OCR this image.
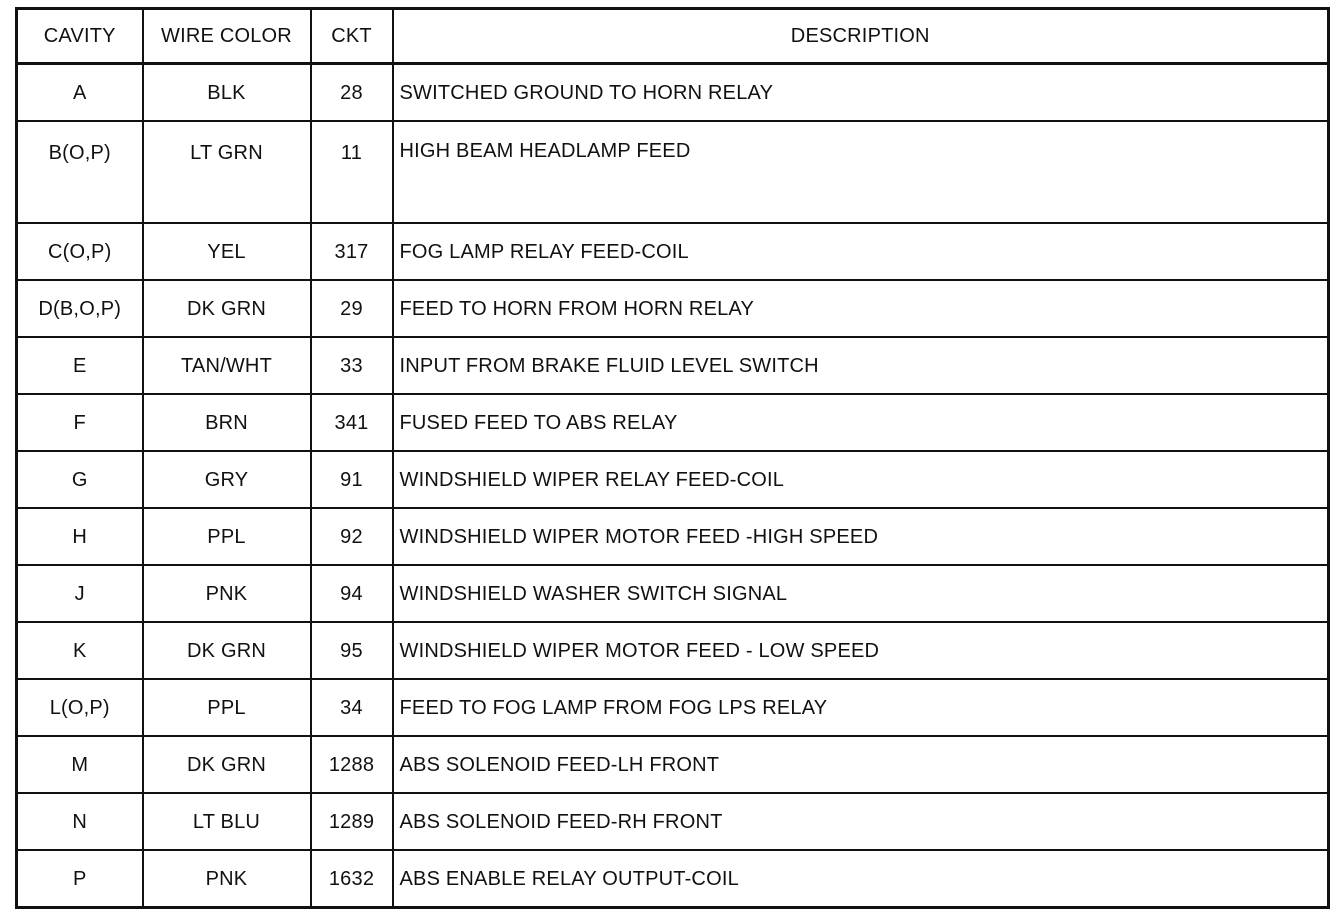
CAVITY	WIRE COLOR	CKT	DESCRIPTION
A	BLK	28	SWITCHED GROUND TO HORN RELAY
B(O,P)	LT GRN	11	HIGH BEAM HEADLAMP FEED
C(O,P)	YEL	317	FOG LAMP RELAY FEED-COIL
D(B,O,P)	DK GRN	29	FEED TO HORN FROM HORN RELAY
E	TAN/WHT	33	INPUT FROM BRAKE FLUID LEVEL SWITCH
F	BRN	341	FUSED FEED TO ABS RELAY
G	GRY	91	WINDSHIELD WIPER RELAY FEED-COIL
H	PPL	92	WINDSHIELD WIPER MOTOR FEED -HIGH SPEED
J	PNK	94	WINDSHIELD WASHER SWITCH SIGNAL
K	DK GRN	95	WINDSHIELD WIPER MOTOR FEED - LOW SPEED
L(O,P)	PPL	34	FEED TO FOG LAMP FROM FOG LPS RELAY
M	DK GRN	1288	ABS SOLENOID FEED-LH FRONT
N	LT BLU	1289	ABS SOLENOID FEED-RH FRONT
P	PNK	1632	ABS ENABLE RELAY OUTPUT-COIL
